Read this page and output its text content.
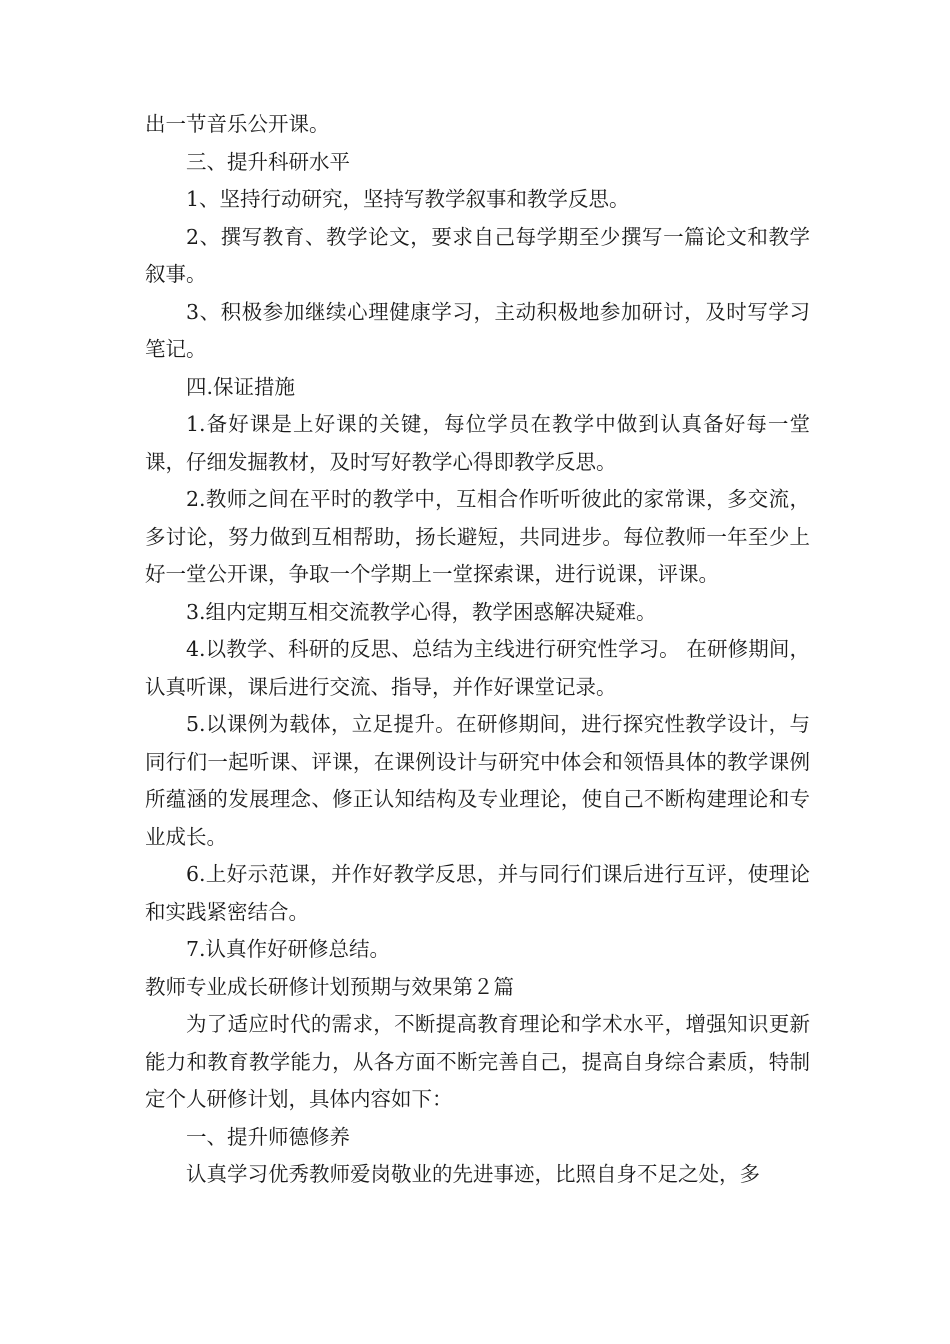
出一节音乐公开课。

三、提升科研水平

1、坚持行动研究，坚持写教学叙事和教学反思。

2、撰写教育、教学论文，要求自己每学期至少撰写一篇论文和教学叙事。

3、积极参加继续心理健康学习，主动积极地参加研讨，及时写学习笔记。

四.保证措施

1.备好课是上好课的关键，每位学员在教学中做到认真备好每一堂课，仔细发掘教材，及时写好教学心得即教学反思。

2.教师之间在平时的教学中，互相合作听听彼此的家常课，多交流，多讨论，努力做到互相帮助，扬长避短，共同进步。每位教师一年至少上好一堂公开课，争取一个学期上一堂探索课，进行说课，评课。

3.组内定期互相交流教学心得，教学困惑解决疑难。

4.以教学、科研的反思、总结为主线进行研究性学习。 在研修期间，认真听课，课后进行交流、指导，并作好课堂记录。

5.以课例为载体，立足提升。在研修期间，进行探究性教学设计，与同行们一起听课、评课，在课例设计与研究中体会和领悟具体的教学课例所蕴涵的发展理念、修正认知结构及专业理论，使自己不断构建理论和专业成长。

6.上好示范课，并作好教学反思，并与同行们课后进行互评，使理论和实践紧密结合。

7.认真作好研修总结。

教师专业成长研修计划预期与效果第２篇

为了适应时代的需求，不断提高教育理论和学术水平，增强知识更新能力和教育教学能力，从各方面不断完善自己，提高自身综合素质，特制定个人研修计划，具体内容如下：

一、提升师德修养

认真学习优秀教师爱岗敬业的先进事迹，比照自身不足之处，多
